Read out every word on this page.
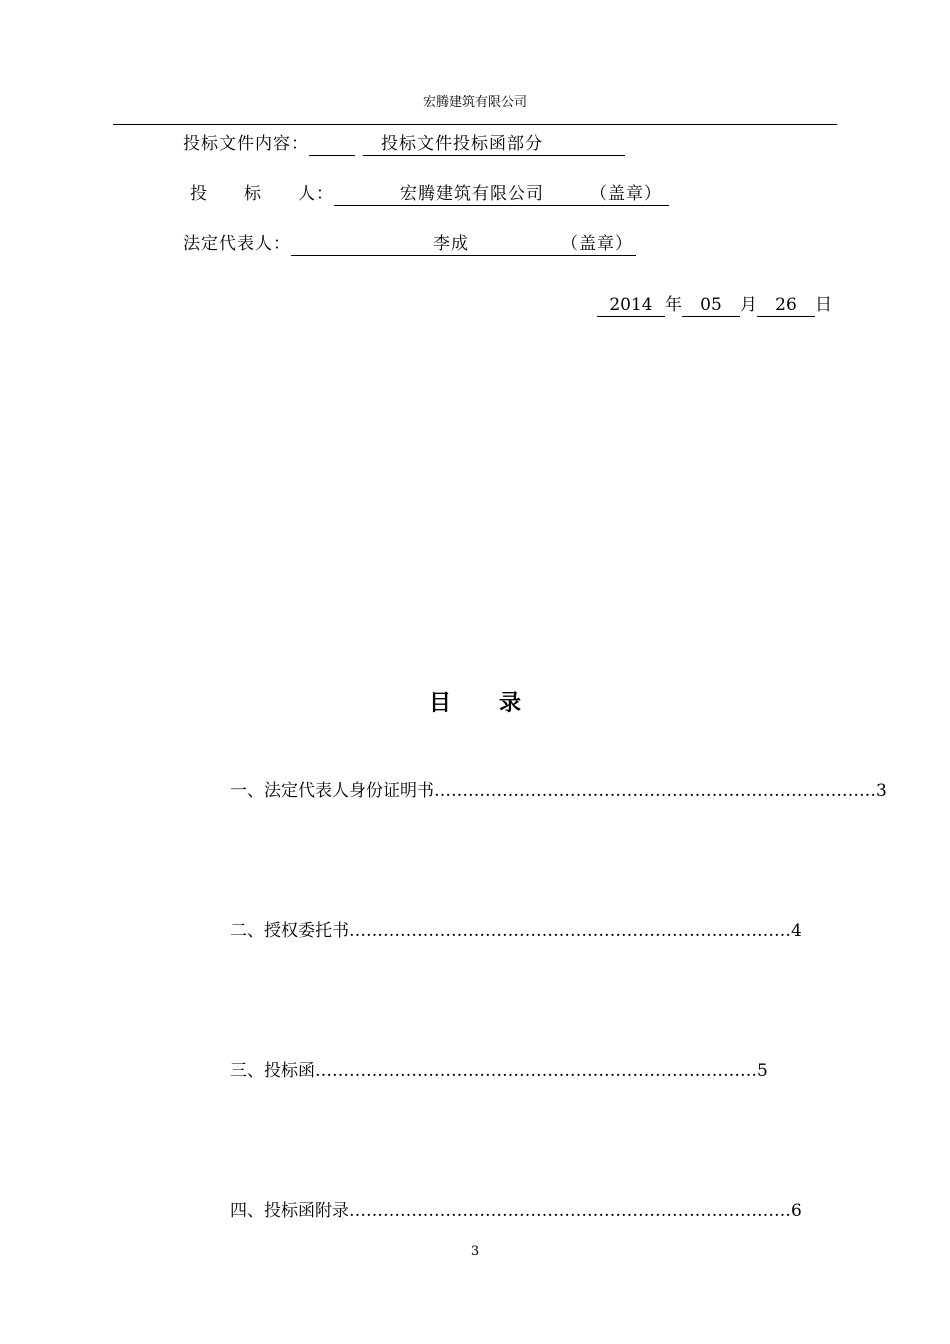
宏腾建筑有限公司
投标文件内容：	投标文件投标函部分
投　　标　　人：	宏腾建筑有限公司	（盖章）
法定代表人：	李成	（盖章）
2014 年 05 月 26 日
目 录
一、法定代表人身份证明书 …………………………………………………………………… 3
二、授权委托书 …………………………………………………………………… 4
三、投标函 …………………………………………………………………… 5
四、投标函附录 …………………………………………………………………… 6
3
